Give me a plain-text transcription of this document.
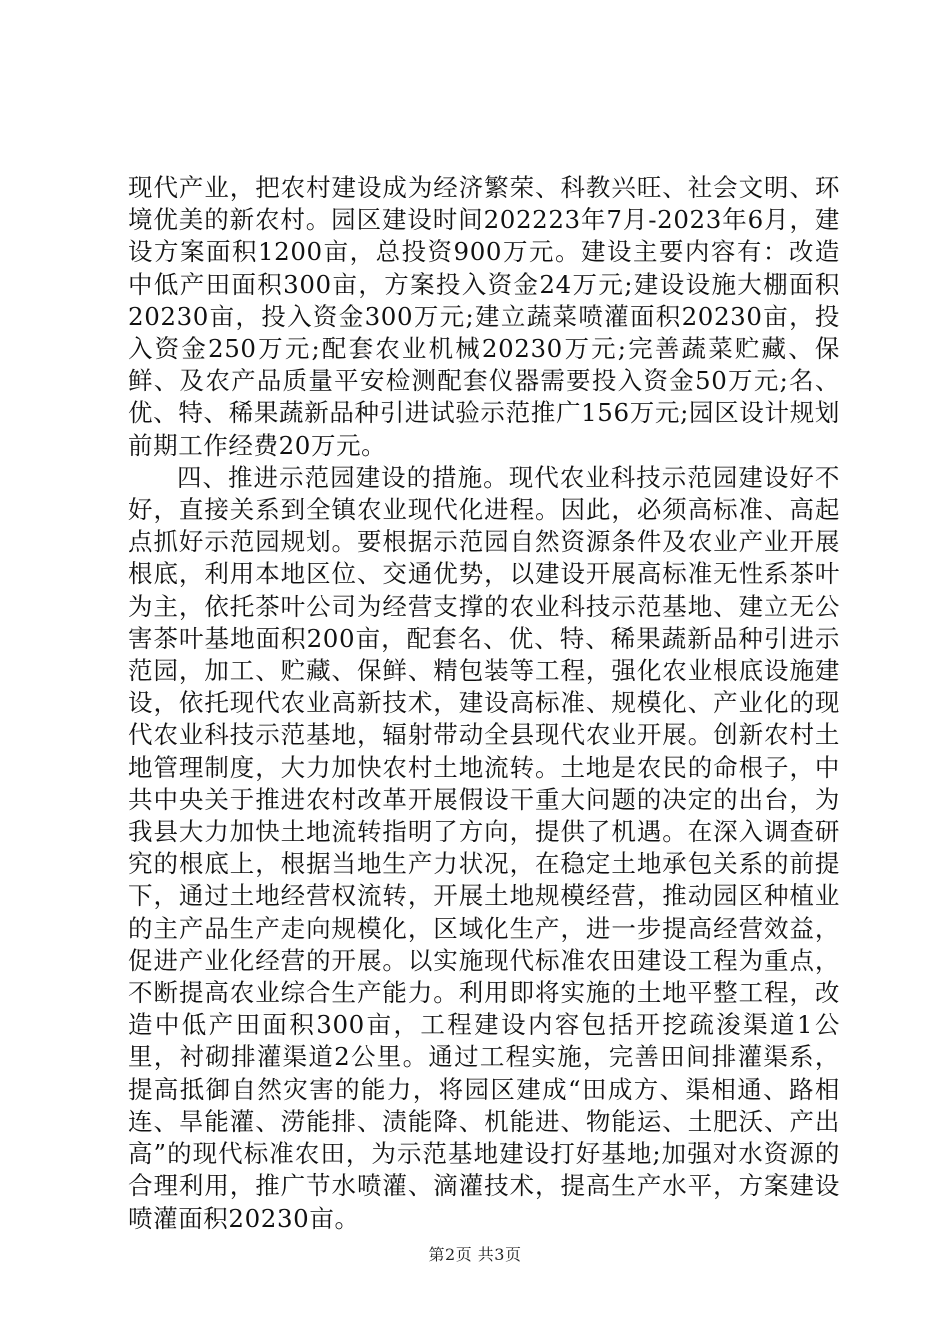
现代产业，把农村建设成为经济繁荣、科教兴旺、社会文明、环境优美的新农村。园区建设时间202223年7月-2023年6月，建设方案面积1200亩，总投资900万元。建设主要内容有：改造中低产田面积300亩，方案投入资金24万元;建设设施大棚面积20230亩，投入资金300万元;建立蔬菜喷灌面积20230亩，投入资金250万元;配套农业机械20230万元;完善蔬菜贮藏、保鲜、及农产品质量平安检测配套仪器需要投入资金50万元;名、优、特、稀果蔬新品种引进试验示范推广156万元;园区设计规划前期工作经费20万元。

四、推进示范园建设的措施。现代农业科技示范园建设好不好，直接关系到全镇农业现代化进程。因此，必须高标准、高起点抓好示范园规划。要根据示范园自然资源条件及农业产业开展根底，利用本地区位、交通优势，以建设开展高标准无性系茶叶为主，依托茶叶公司为经营支撑的农业科技示范基地、建立无公害茶叶基地面积200亩，配套名、优、特、稀果蔬新品种引进示范园，加工、贮藏、保鲜、精包装等工程，强化农业根底设施建设，依托现代农业高新技术，建设高标准、规模化、产业化的现代农业科技示范基地，辐射带动全县现代农业开展。创新农村土地管理制度，大力加快农村土地流转。土地是农民的命根子，中共中央关于推进农村改革开展假设干重大问题的决定的出台，为我县大力加快土地流转指明了方向，提供了机遇。在深入调查研究的根底上，根据当地生产力状况，在稳定土地承包关系的前提下，通过土地经营权流转，开展土地规模经营，推动园区种植业的主产品生产走向规模化，区域化生产，进一步提高经营效益，促进产业化经营的开展。以实施现代标准农田建设工程为重点，不断提高农业综合生产能力。利用即将实施的土地平整工程，改造中低产田面积300亩，工程建设内容包括开挖疏浚渠道1公里，衬砌排灌渠道2公里。通过工程实施，完善田间排灌渠系，提高抵御自然灾害的能力，将园区建成“田成方、渠相通、路相连、旱能灌、涝能排、渍能降、机能进、物能运、土肥沃、产出高”的现代标准农田，为示范基地建设打好基地;加强对水资源的合理利用，推广节水喷灌、滴灌技术，提高生产水平，方案建设喷灌面积20230亩。

第2页 共3页
